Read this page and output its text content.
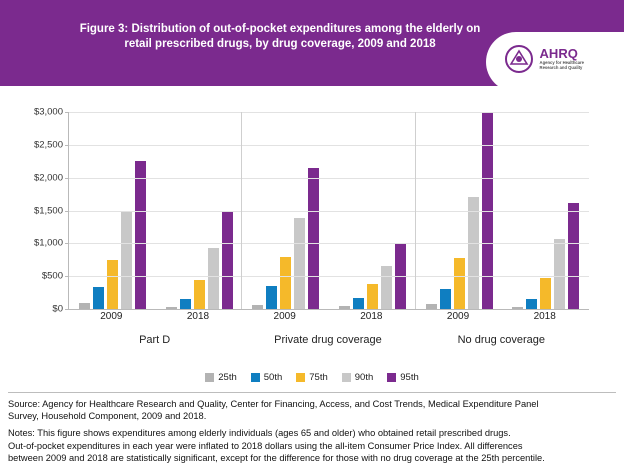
Figure 3: Distribution of out-of-pocket expenditures among the elderly on
retail prescribed drugs, by drug coverage, 2009 and 2018
AHRQ
Agency for Healthcare
Research and Quality
$0
$500
$1,000
$1,500
$2,000
$2,500
$3,000
2009	2018	2009	2018	2009	2018
Part D	Private drug coverage	No drug coverage
25th	50th	75th	90th	95th

Source: Agency for Healthcare Research and Quality, Center for Financing, Access, and Cost Trends, Medical Expenditure Panel

Survey, Household Component, 2009 and 2018.

Notes: This figure shows expenditures among elderly individuals (ages 65 and older) who obtained retail prescribed drugs.

Out-of-pocket expenditures in each year were inflated to 2018 dollars using the all-item Consumer Price Index. All differences

between 2009 and 2018 are statistically significant, except for the difference for those with no drug coverage at the 25th percentile.
